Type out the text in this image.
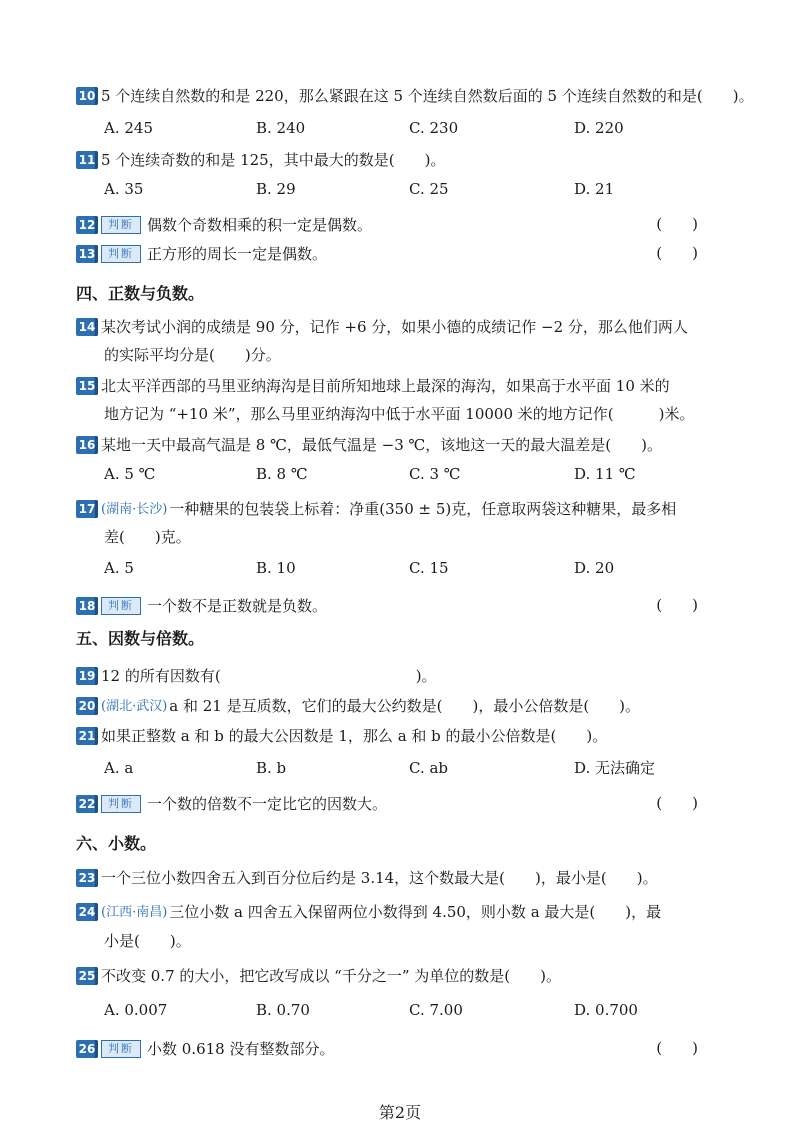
10 5 个连续自然数的和是 220，那么紧跟在这 5 个连续自然数后面的 5 个连续自然数的和是(　　)。
A. 245	B. 240	C. 230	D. 220
11 5 个连续奇数的和是 125，其中最大的数是(　　)。
A. 35	B. 29	C. 25	D. 21
12 判断 偶数个奇数相乘的积一定是偶数。	(　　)
13 判断 正方形的周长一定是偶数。	(　　)
四、正数与负数。
14 某次考试小润的成绩是 90 分，记作 +6 分，如果小德的成绩记作 −2 分，那么他们两人
的实际平均分是(　　)分。
15 北太平洋西部的马里亚纳海沟是目前所知地球上最深的海沟，如果高于水平面 10 米的
地方记为 “+10 米”，那么马里亚纳海沟中低于水平面 10000 米的地方记作(　　　)米。
16 某地一天中最高气温是 8 ℃，最低气温是 −3 ℃，该地这一天的最大温差是(　　)。
A. 5 ℃	B. 8 ℃	C. 3 ℃	D. 11 ℃
17 (湖南·长沙) 一种糖果的包装袋上标着：净重(350 ± 5)克，任意取两袋这种糖果，最多相
差(　　)克。
A. 5	B. 10	C. 15	D. 20
18 判断 一个数不是正数就是负数。	(　　)
五、因数与倍数。
19 12 的所有因数有(　　　　　　　　　　　　　)。
20 (湖北·武汉) a 和 21 是互质数，它们的最大公约数是(　　)，最小公倍数是(　　)。
21 如果正整数 a 和 b 的最大公因数是 1，那么 a 和 b 的最小公倍数是(　　)。
A. a	B. b	C. ab	D. 无法确定
22 判断 一个数的倍数不一定比它的因数大。	(　　)
六、小数。
23 一个三位小数四舍五入到百分位后约是 3.14，这个数最大是(　　)，最小是(　　)。
24 (江西·南昌) 三位小数 a 四舍五入保留两位小数得到 4.50，则小数 a 最大是(　　)，最
小是(　　)。
25 不改变 0.7 的大小，把它改写成以 “千分之一” 为单位的数是(　　)。
A. 0.007	B. 0.70	C. 7.00	D. 0.700
26 判断 小数 0.618 没有整数部分。	(　　)
第2页
